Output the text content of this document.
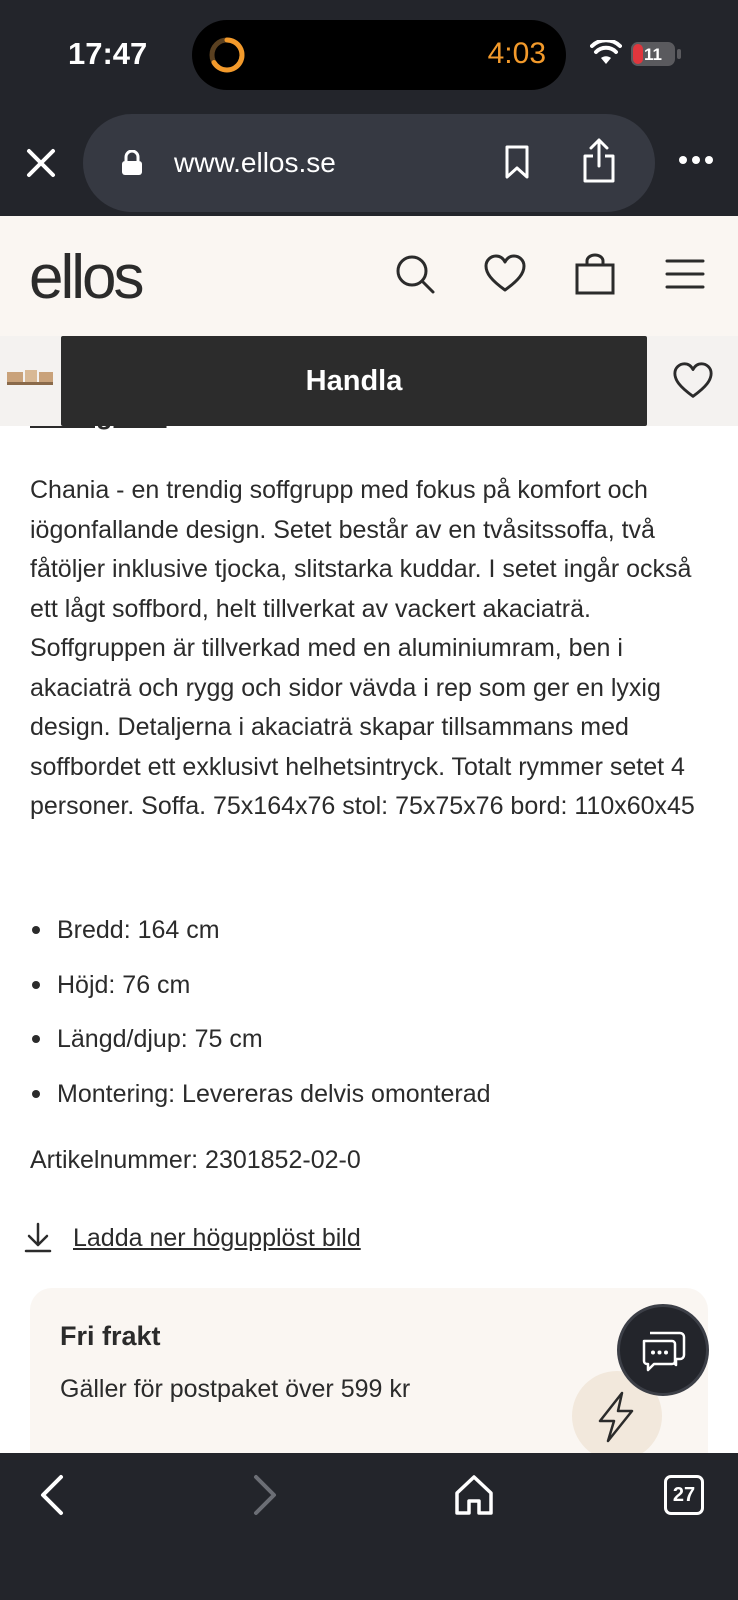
17:47	4:03	11
www.ellos.se
ellos
Handla
Chania - en trendig soffgrupp med fokus på komfort och iögonfallande design. Setet består av en tvåsitssoffa, två fåtöljer inklusive tjocka, slitstarka kuddar. I setet ingår också ett lågt soffbord, helt tillverkat av vackert akaciaträ. Soffgruppen är tillverkad med en aluminiumram, ben i akaciaträ och rygg och sidor vävda i rep som ger en lyxig design. Detaljerna i akaciaträ skapar tillsammans med soffbordet ett exklusivt helhetsintryck. Totalt rymmer setet 4 personer. Soffa. 75x164x76 stol: 75x75x76 bord: 110x60x45
Bredd: 164 cm
Höjd: 76 cm
Längd/djup: 75 cm
Montering: Levereras delvis omonterad
Artikelnummer: 2301852-02-0
Ladda ner högupplöst bild
Fri frakt
Gäller för postpaket över 599 kr
27
